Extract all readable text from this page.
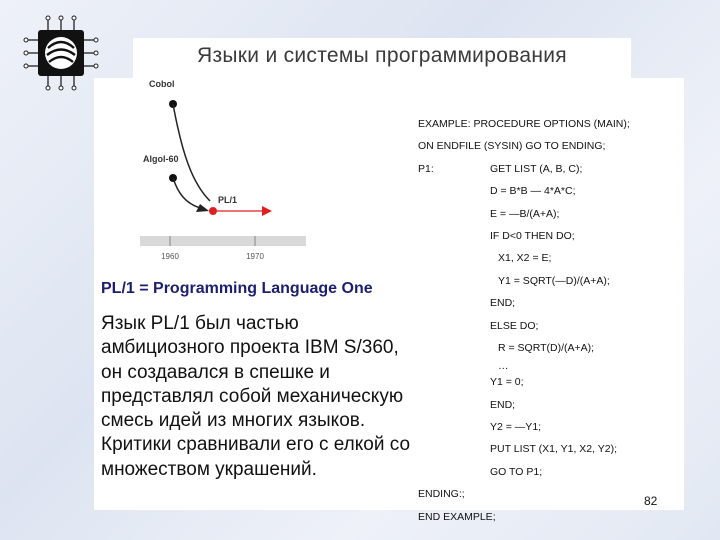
Языки и системы программирования
1960	1970
Cobol
Algol-60
PL/1
EXAMPLE: PROCEDURE OPTIONS (MAIN);
ON ENDFILE (SYSIN) GO TO ENDING;
P1:	GET LIST (A, B, C);
D = B*B — 4*A*C;
E = —B/(A+A);
IF D<0 THEN DO;
X1, X2 = E;
Y1 = SQRT(—D)/(A+A);
END;
ELSE DO;
R = SQRT(D)/(A+A);
…
Y1 = 0;
END;
Y2 = —Y1;
PUT LIST (X1, Y1, X2, Y2);
GO TO P1;
ENDING:;
END EXAMPLE;
PL/1 = Programming Language One

Язык PL/1 был частью амбициозного проекта IBM S/360, он создавался в спешке и представлял собой механическую смесь идей из многих языков. Критики сравнивали его с елкой со множеством украшений.

82
